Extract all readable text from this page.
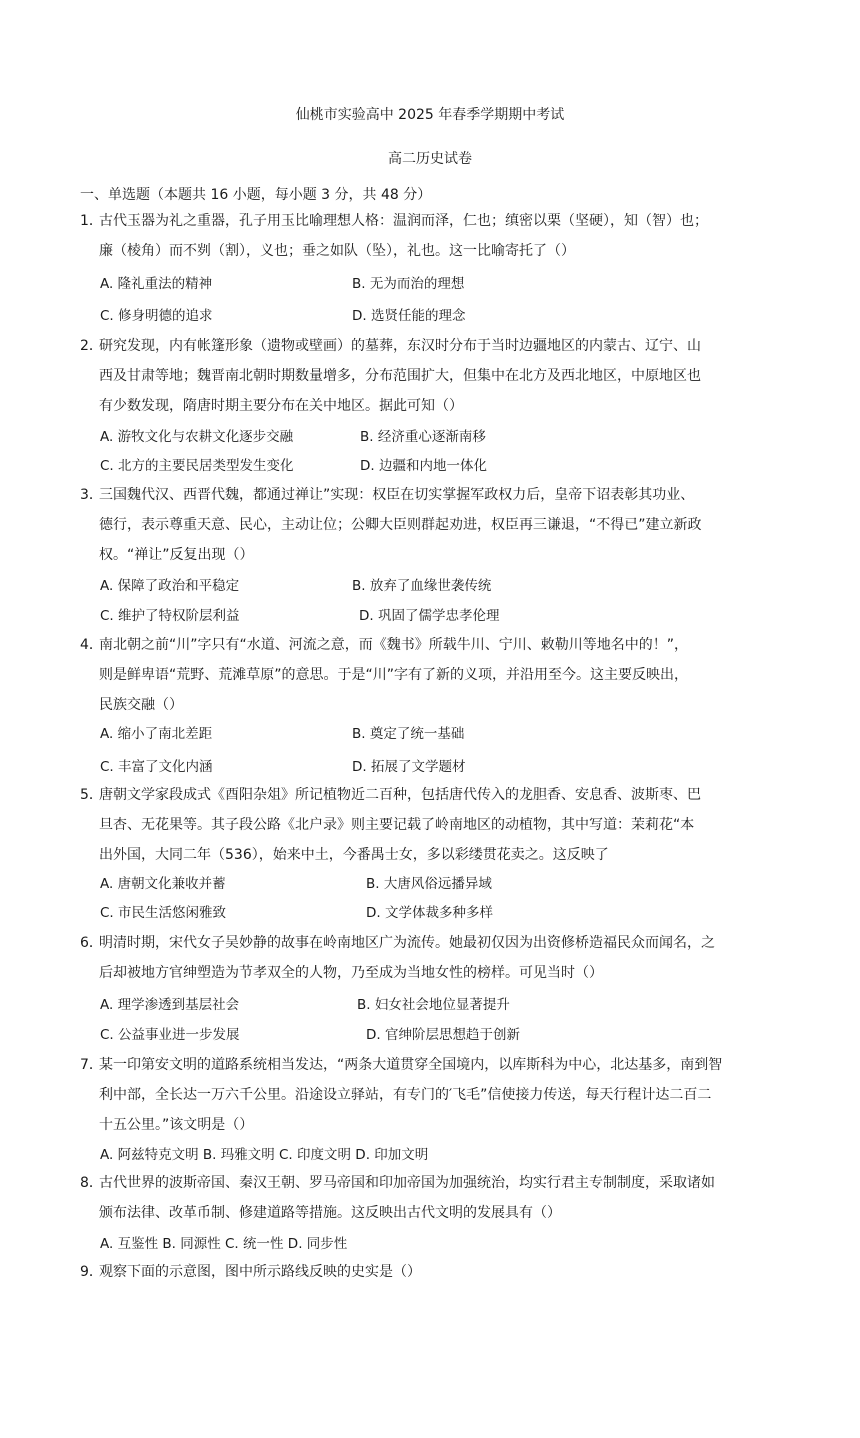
仙桃市实验高中 2025 年春季学期期中考试
高二历史试卷
一、单选题（本题共 16 小题，每小题 3 分，共 48 分）
1．
古代玉器为礼之重器，孔子用玉比喻理想人格：温润而泽，仁也；缜密以栗（坚硬），知（智）也；
廉（棱角）而不刿（割），义也；垂之如队（坠），礼也。这一比喻寄托了（）
A. 隆礼重法的精神	B. 无为而治的理想
C. 修身明德的追求	D. 选贤任能的理念
2．
研究发现，内有帐篷形象（遗物或壁画）的墓葬，东汉时分布于当时边疆地区的内蒙古、辽宁、山
西及甘肃等地；魏晋南北朝时期数量增多，分布范围扩大，但集中在北方及西北地区，中原地区也
有少数发现，隋唐时期主要分布在关中地区。据此可知（）
A. 游牧文化与农耕文化逐步交融	B. 经济重心逐渐南移
C. 北方的主要民居类型发生变化	D. 边疆和内地一体化
3．
三国魏代汉、西晋代魏，都通过禅让”实现：权臣在切实掌握军政权力后，皇帝下诏表彰其功业、
德行，表示尊重天意、民心，主动让位；公卿大臣则群起劝进，权臣再三谦退，“不得已”建立新政
权。“禅让”反复出现（）
A. 保障了政治和平稳定	B. 放弃了血缘世袭传统
C. 维护了特权阶层利益	D. 巩固了儒学忠孝伦理
4．
南北朝之前“川”字只有“水道、河流之意，而《魏书》所载牛川、宁川、敕勒川等地名中的！”，
则是鲜卑语“荒野、荒滩草原”的意思。于是“川”字有了新的义项，并沿用至今。这主要反映出，
民族交融（）
A. 缩小了南北差距	B. 奠定了统一基础
C. 丰富了文化内涵	D. 拓展了文学题材
5．
唐朝文学家段成式《酉阳杂俎》所记植物近二百种，包括唐代传入的龙胆香、安息香、波斯枣、巴
旦杏、无花果等。其子段公路《北户录》则主要记载了岭南地区的动植物，其中写道：茉莉花“本
出外国，大同二年（536），始来中土，今番禺士女，多以彩缕贯花卖之。这反映了
A. 唐朝文化兼收并蓄	B. 大唐风俗远播异域
C. 市民生活悠闲雅致	D. 文学体裁多种多样
6．
明清时期，宋代女子吴妙静的故事在岭南地区广为流传。她最初仅因为出资修桥造福民众而闻名，之
后却被地方官绅塑造为节孝双全的人物，乃至成为当地女性的榜样。可见当时（）
A. 理学渗透到基层社会	B. 妇女社会地位显著提升
C. 公益事业进一步发展	D. 官绅阶层思想趋于创新
7．
某一印第安文明的道路系统相当发达，“两条大道贯穿全国境内，以库斯科为中心，北达基多，南到智
利中部，全长达一万六千公里。沿途设立驿站，有专门的′飞毛”信使接力传送，每天行程计达二百二
十五公里。”该文明是（）
A. 阿兹特克文明 B. 玛雅文明 C. 印度文明 D. 印加文明
8．
古代世界的波斯帝国、秦汉王朝、罗马帝国和印加帝国为加强统治，均实行君主专制制度，采取诸如
颁布法律、改革币制、修建道路等措施。这反映出古代文明的发展具有（）
A. 互鉴性 B. 同源性 C. 统一性 D. 同步性
9．
观察下面的示意图，图中所示路线反映的史实是（）
